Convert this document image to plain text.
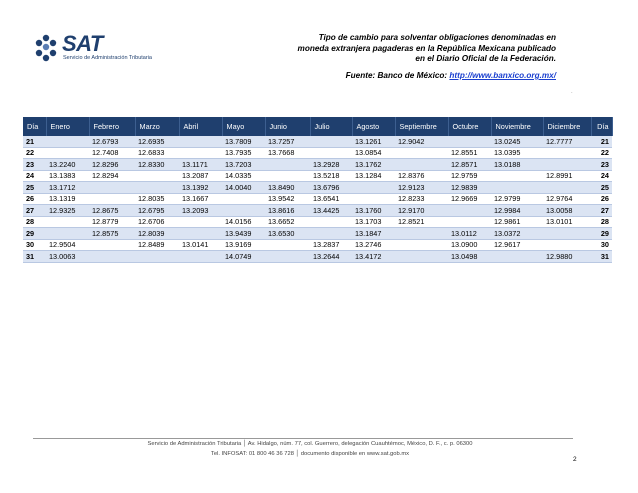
SAT
Servicio de Administración Tributaria
Tipo de cambio para solventar obligaciones denominadas en moneda extranjera pagaderas en la República Mexicana publicado en el Diario Oficial de la Federación.
Fuente: Banco de México: http://www.banxico.org.mx/
.
Día	Enero	Febrero	Marzo	Abril	Mayo	Junio	Julio	Agosto	Septiembre	Octubre	Noviembre	Diciembre	Día
21		12.6793	12.6935		13.7809	13.7257		13.1261	12.9042		13.0245	12.7777	21
22		12.7408	12.6833		13.7935	13.7668		13.0854		12.8551	13.0395		22
23	13.2240	12.8296	12.8330	13.1171	13.7203		13.2928	13.1762		12.8571	13.0188		23
24	13.1383	12.8294		13.2087	14.0335		13.5218	13.1284	12.8376	12.9759		12.8991	24
25	13.1712			13.1392	14.0040	13.8490	13.6796		12.9123	12.9839			25
26	13.1319		12.8035	13.1667		13.9542	13.6541		12.8233	12.9669	12.9799	12.9764	26
27	12.9325	12.8675	12.6795	13.2093		13.8616	13.4425	13.1760	12.9170		12.9984	13.0058	27
28		12.8779	12.6706		14.0156	13.6652		13.1703	12.8521		12.9861	13.0101	28
29		12.8575	12.8039		13.9439	13.6530		13.1847		13.0112	13.0372		29
30	12.9504		12.8489	13.0141	13.9169		13.2837	13.2746		13.0900	12.9617		30
31	13.0063				14.0749		13.2644	13.4172		13.0498		12.9880	31
Servicio de Administración Tributaria │ Av. Hidalgo, núm. 77, col. Guerrero, delegación Cuauhtémoc, México, D. F., c. p. 06300
Tel. INFOSAT: 01 800 46 36 728 │ documento disponible en www.sat.gob.mx
2
